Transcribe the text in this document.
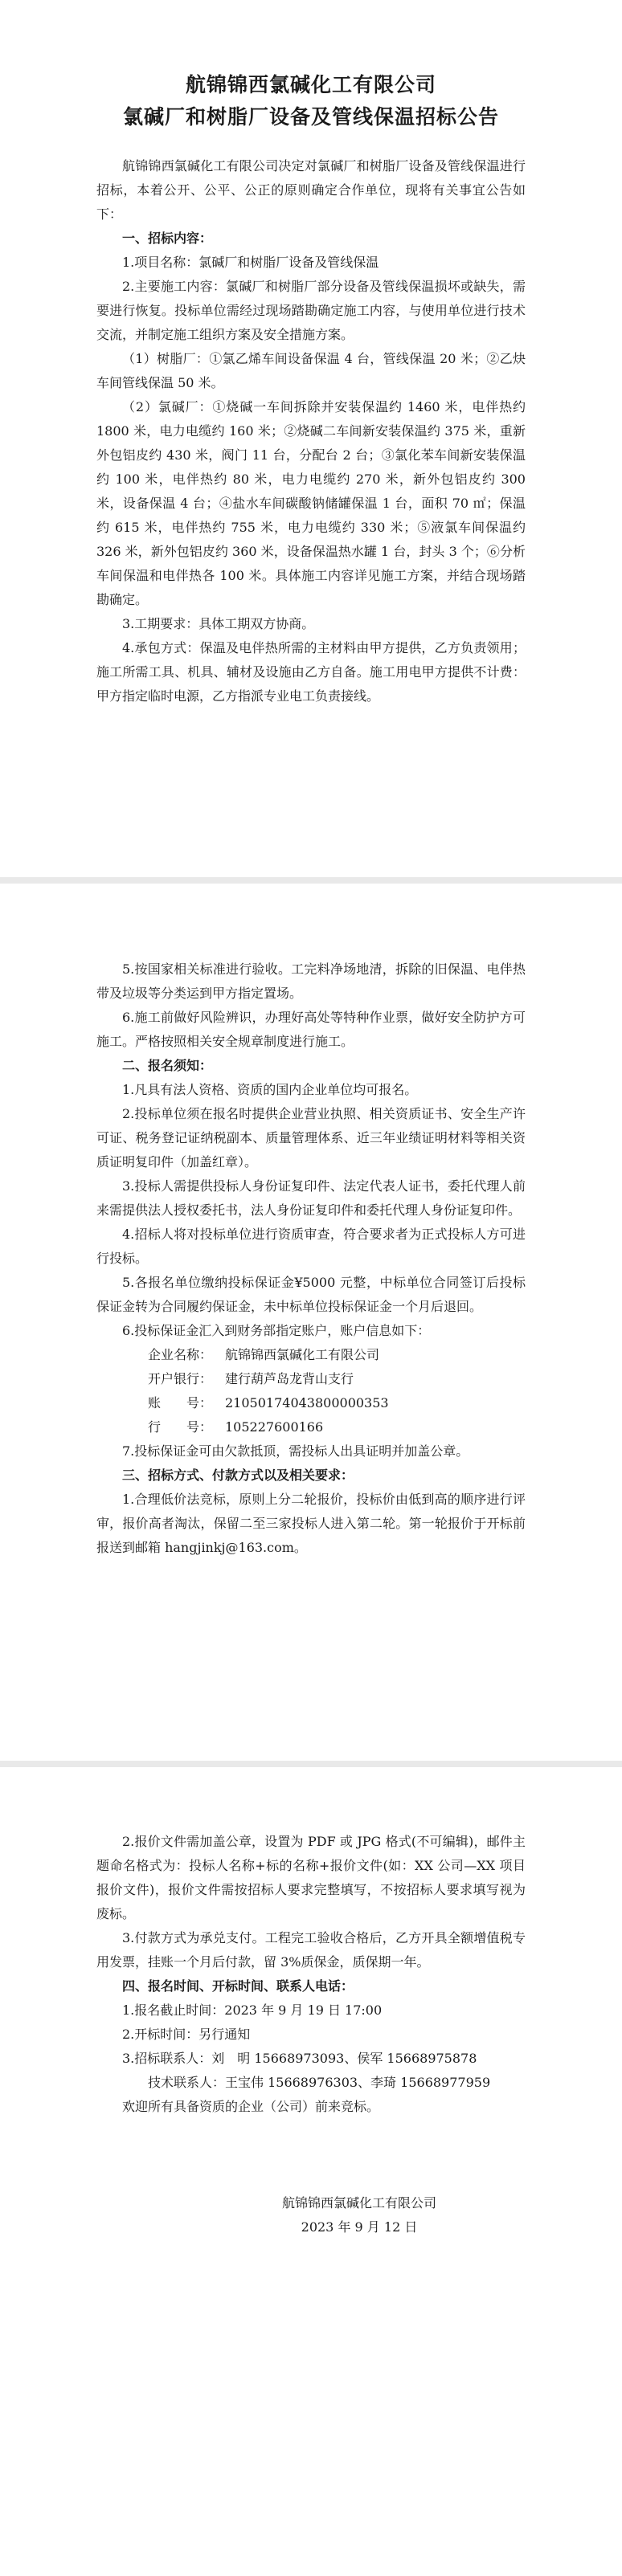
航锦锦西氯碱化工有限公司
氯碱厂和树脂厂设备及管线保温招标公告

航锦锦西氯碱化工有限公司决定对氯碱厂和树脂厂设备及管线保温进行招标，本着公开、公平、公正的原则确定合作单位，现将有关事宜公告如下：

一、招标内容：

1.项目名称：氯碱厂和树脂厂设备及管线保温

2.主要施工内容：氯碱厂和树脂厂部分设备及管线保温损坏或缺失，需要进行恢复。投标单位需经过现场踏勘确定施工内容，与使用单位进行技术交流，并制定施工组织方案及安全措施方案。

（1）树脂厂：①氯乙烯车间设备保温 4 台，管线保温 20 米；②乙炔车间管线保温 50 米。

（2）氯碱厂：①烧碱一车间拆除并安装保温约 1460 米，电伴热约 1800 米，电力电缆约 160 米；②烧碱二车间新安装保温约 375 米，重新外包铝皮约 430 米，阀门 11 台，分配台 2 台；③氯化苯车间新安装保温约 100 米，电伴热约 80 米，电力电缆约 270 米，新外包铝皮约 300 米，设备保温 4 台；④盐水车间碳酸钠储罐保温 1 台，面积 70 ㎡；保温约 615 米，电伴热约 755 米，电力电缆约 330 米；⑤液氯车间保温约 326 米，新外包铝皮约 360 米，设备保温热水罐 1 台，封头 3 个；⑥分析车间保温和电伴热各 100 米。具体施工内容详见施工方案，并结合现场踏勘确定。

3.工期要求：具体工期双方协商。

4.承包方式：保温及电伴热所需的主材料由甲方提供，乙方负责领用；施工所需工具、机具、辅材及设施由乙方自备。施工用电甲方提供不计费：甲方指定临时电源，乙方指派专业电工负责接线。

5.按国家相关标准进行验收。工完料净场地清，拆除的旧保温、电伴热带及垃圾等分类运到甲方指定置场。

6.施工前做好风险辨识，办理好高处等特种作业票，做好安全防护方可施工。严格按照相关安全规章制度进行施工。

二、报名须知：

1.凡具有法人资格、资质的国内企业单位均可报名。

2.投标单位须在报名时提供企业营业执照、相关资质证书、安全生产许可证、税务登记证纳税副本、质量管理体系、近三年业绩证明材料等相关资质证明复印件（加盖红章）。

3.投标人需提供投标人身份证复印件、法定代表人证书，委托代理人前来需提供法人授权委托书，法人身份证复印件和委托代理人身份证复印件。

4.招标人将对投标单位进行资质审查，符合要求者为正式投标人方可进行投标。

5.各报名单位缴纳投标保证金¥5000 元整，中标单位合同签订后投标保证金转为合同履约保证金，未中标单位投标保证金一个月后退回。

6.投标保证金汇入到财务部指定账户，账户信息如下：

企业名称： 航锦锦西氯碱化工有限公司

开户银行： 建行葫芦岛龙背山支行

账　　号： 21050174043800000353

行　　号： 105227600166

7.投标保证金可由欠款抵顶，需投标人出具证明并加盖公章。

三、招标方式、付款方式以及相关要求：

1.合理低价法竞标，原则上分二轮报价，投标价由低到高的顺序进行评审，报价高者淘汰，保留二至三家投标人进入第二轮。第一轮报价于开标前报送到邮箱 hangjinkj@163.com。

2.报价文件需加盖公章，设置为 PDF 或 JPG 格式(不可编辑)，邮件主题命名格式为：投标人名称+标的名称+报价文件(如：XX 公司—XX 项目报价文件)，报价文件需按招标人要求完整填写，不按招标人要求填写视为废标。

3.付款方式为承兑支付。工程完工验收合格后，乙方开具全额增值税专用发票，挂账一个月后付款，留 3%质保金，质保期一年。

四、报名时间、开标时间、联系人电话：

1.报名截止时间：2023 年 9 月 19 日 17:00

2.开标时间：另行通知

3.招标联系人：刘　明 15668973093、侯军 15668975878

技术联系人：王宝伟 15668976303、李琦 15668977959

欢迎所有具备资质的企业（公司）前来竞标。

航锦锦西氯碱化工有限公司

2023 年 9 月 12 日
